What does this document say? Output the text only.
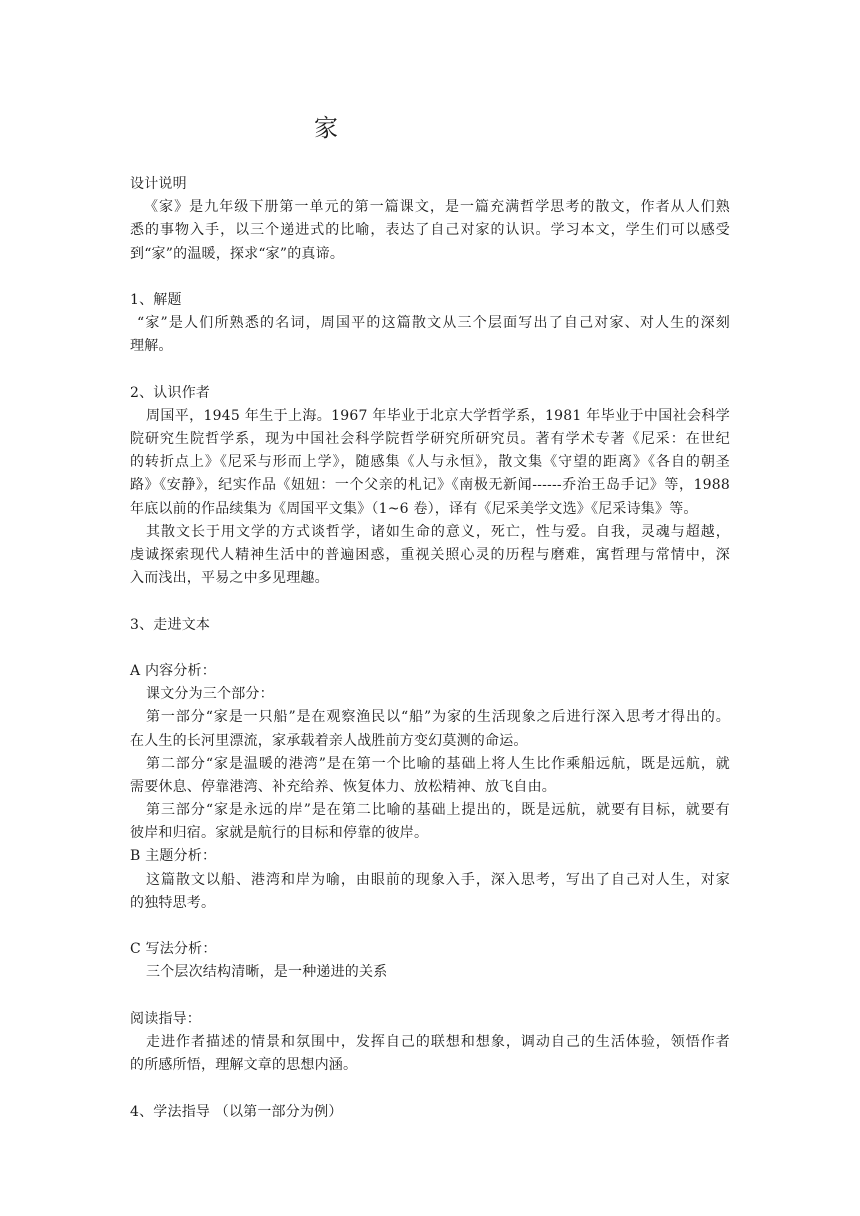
家
设计说明
《家》是九年级下册第一单元的第一篇课文，是一篇充满哲学思考的散文，作者从人们熟
悉的事物入手，以三个递进式的比喻，表达了自己对家的认识。学习本文，学生们可以感受
到“家”的温暖，探求“家”的真谛。
1、解题
“家”是人们所熟悉的名词，周国平的这篇散文从三个层面写出了自己对家、对人生的深刻
理解。
2、认识作者
周国平，1945 年生于上海。1967 年毕业于北京大学哲学系，1981 年毕业于中国社会科学
院研究生院哲学系，现为中国社会科学院哲学研究所研究员。著有学术专著《尼采：在世纪
的转折点上》《尼采与形而上学》，随感集《人与永恒》，散文集《守望的距离》《各自的朝圣
路》《安静》，纪实作品《妞妞：一个父亲的札记》《南极无新闻------乔治王岛手记》等，1988
年底以前的作品续集为《周国平文集》（1~6 卷），译有《尼采美学文选》《尼采诗集》等。
其散文长于用文学的方式谈哲学，诸如生命的意义，死亡，性与爱。自我，灵魂与超越，
虔诚探索现代人精神生活中的普遍困惑，重视关照心灵的历程与磨难，寓哲理与常情中，深
入而浅出，平易之中多见理趣。
3、走进文本
A 内容分析：
课文分为三个部分：
第一部分“家是一只船”是在观察渔民以“船”为家的生活现象之后进行深入思考才得出的。
在人生的长河里漂流，家承载着亲人战胜前方变幻莫测的命运。
第二部分“家是温暖的港湾”是在第一个比喻的基础上将人生比作乘船远航，既是远航，就
需要休息、停靠港湾、补充给养、恢复体力、放松精神、放飞自由。
第三部分“家是永远的岸”是在第二比喻的基础上提出的，既是远航，就要有目标，就要有
彼岸和归宿。家就是航行的目标和停靠的彼岸。
B 主题分析：
这篇散文以船、港湾和岸为喻，由眼前的现象入手，深入思考，写出了自己对人生，对家
的独特思考。
C 写法分析：
三个层次结构清晰，是一种递进的关系
阅读指导：
走进作者描述的情景和氛围中，发挥自己的联想和想象，调动自己的生活体验，领悟作者
的所感所悟，理解文章的思想内涵。
4、学法指导 （以第一部分为例）
